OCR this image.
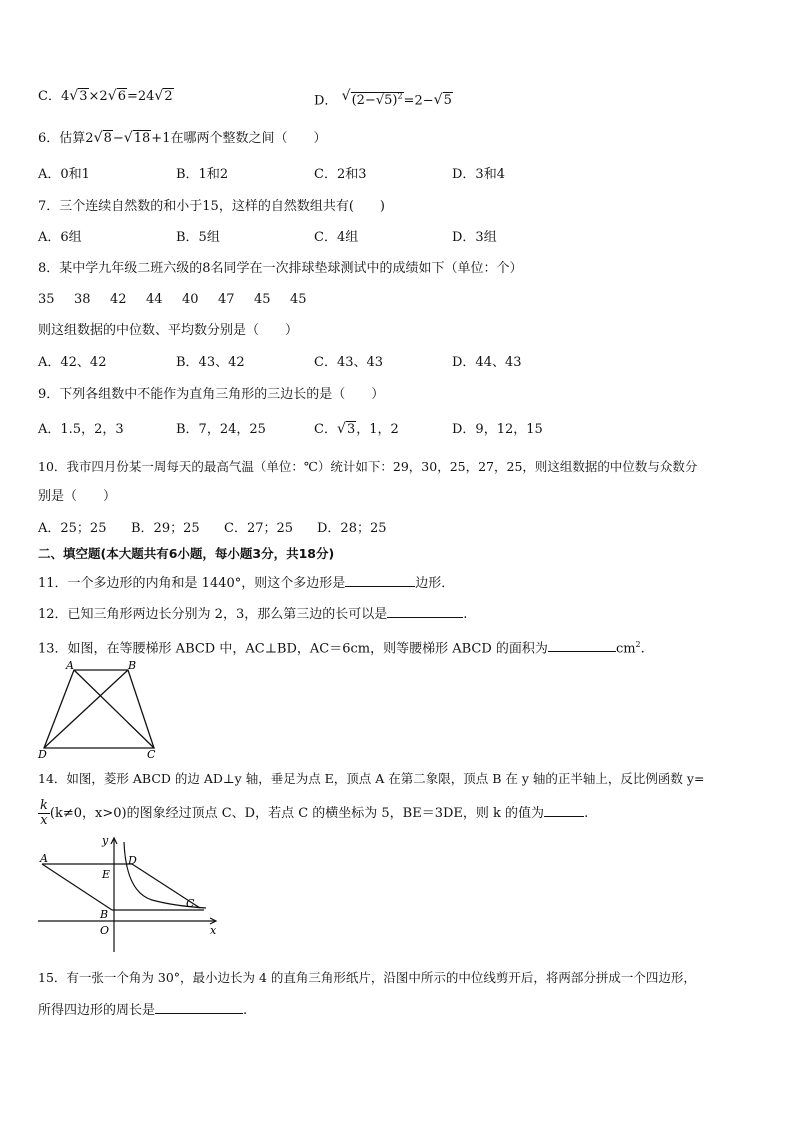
C．4√ 3×2√ 6=24√ 2	D． √ $(2-√5)^2=2-√$ 5
6．估算2√ 8−√ 18+1在哪两个整数之间（　　）
A．0和1	B．1和2	C．2和3	D．3和4
7．三个连续自然数的和小于15，这样的自然数组共有(　　)
A．6组	B．5组	C．4组	D．3组
8．某中学九年级二班六级的8名同学在一次排球垫球测试中的成绩如下（单位：个）
35 38 42 44 40 47 45 45
则这组数据的中位数、平均数分别是（　　）
A．42、42	B．43、42	C．43、43	D．44、43
9．下列各组数中不能作为直角三角形的三边长的是（　　）
A．1.5，2，3	B．7，24，25	C．√ 3，1，2	D．9，12，15
10．我市四月份某一周每天的最高气温（单位：℃）统计如下：29，30，25，27，25，则这组数据的中位数与众数分
别是（　　）
A．25；25 B．29；25 C．27；25 D．28；25
二、填空题(本大题共有6小题，每小题3分，共18分)
11．一个多边形的内角和是 1440°，则这个多边形是	边形．
12．已知三角形两边长分别为 2，3，那么第三边的长可以是	.
13．如图，在等腰梯形 ABCD 中，AC⊥BD，AC＝6cm，则等腰梯形 ABCD 的面积为	$cm^2$.
A	B
C
D
14．如图，菱形 ABCD 的边 AD⊥y 轴，垂足为点 E，顶点 A 在第二象限，顶点 B 在 y 轴的正半轴上，反比例函数 y=
$\frac{k}{x} (k\ne 0$，x>0)的图象经过顶点 C、D，若点 C 的横坐标为 5，BE＝3DE，则 k 的值为	.
A
E
D
B
C
O	x
y
15．有一张一个角为 30°，最小边长为 4 的直角三角形纸片，沿图中所示的中位线剪开后，将两部分拼成一个四边形，
所得四边形的周长是	.
